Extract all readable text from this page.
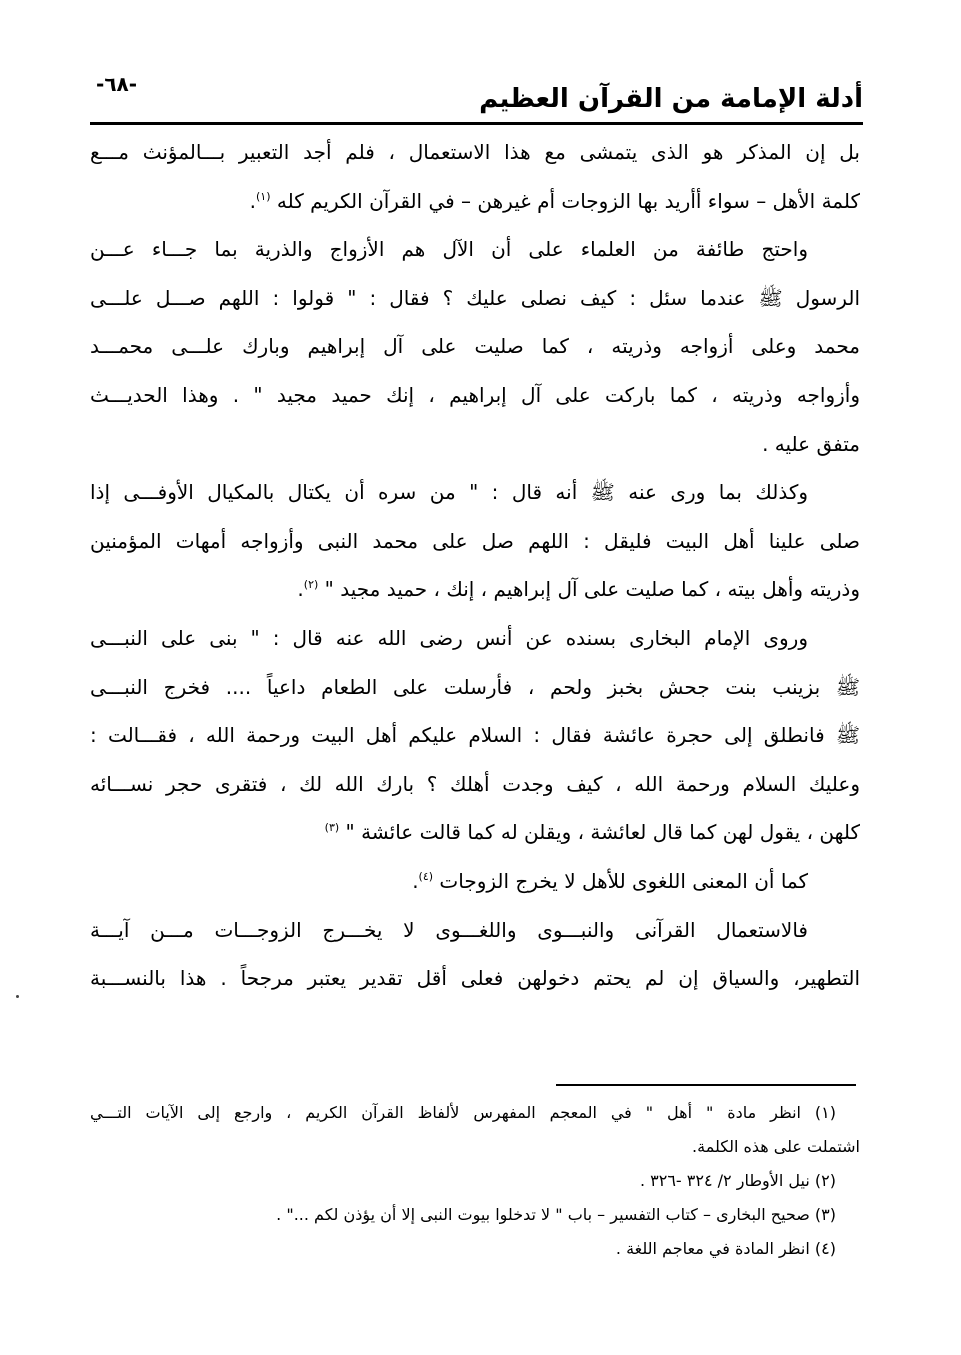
-٦٨-	أدلة الإمامة من القرآن العظيم
بل إن المذكر هو الذى يتمشى مع هذا الاستعمال ، فلم أجد التعبير بـــالمؤنث مـــع
كلمة الأهل – سواء أأريد بها الزوجات أم غيرهن – في القرآن الكريم كله $^{(١)}$.
واحتج طائفة من العلماء على أن الآل هم الأزواج والذرية بما جـــاء عـــن
الرسول ﷺ عندما سئل : كيف نصلى عليك ؟ فقال : " قولوا : اللهم صـــل علـــى
محمد وعلى أزواجه وذريته ، كما صليت على آل إبراهيم وبارك علـــى محمـــد
وأزواجه وذريته ، كما باركت على آل إبراهيم ، إنك حميد مجيد " . وهذا الحديـــث
متفق عليه .
وكذلك بما ورى عنه ﷺ أنه قال : " من سره أن يكتال بالمكيال الأوفـــى إذا
صلى علينا أهل البيت فليقل : اللهم صل على محمد النبى وأزواجه أمهات المؤمنين
وذريته وأهل بيته ، كما صليت على آل إبراهيم ، إنك ، حميد مجيد " $^{(٢)}$.
وروى الإمام البخارى بسنده عن أنس رضى الله عنه قال : " بنى على النبـــى
ﷺ بزينب بنت جحش بخبز ولحم ، فأرسلت على الطعام داعياً .... فخرج النبـــى
ﷺ فانطلق إلى حجرة عائشة فقال : السلام عليكم أهل البيت ورحمة الله ، فقـــالت :
وعليك السلام ورحمة الله ، كيف وجدت أهلك ؟ بارك الله لك ، فتقرى حجر نســـائه
كلهن ، يقول لهن كما قال لعائشة ، ويقلن له كما قالت عائشة " $^{(٣)}$
كما أن المعنى اللغوى للأهل لا يخرج الزوجات $^{(٤)}$.
فالاستعمال القرآنى والنبـــوى واللغـــوى لا يخـــرج الزوجـــات مـــن آيـــة
التطهير، والسياق إن لم يحتم دخولهن فعلى أقل تقدير يعتبر مرجحاً . هذا بالنســـبة
(١) انظر مادة " أهل " في المعجم المفهرس لألفاظ القرآن الكريم ، وارجع إلى الآيات التـــي
اشتملت على هذه الكلمة.
(٢) نيل الأوطار ٢/ ٣٢٤ -٣٢٦ .
(٣) صحيح البخارى – كتاب التفسير – باب " لا تدخلوا بيوت النبى إلا أن يؤذن لكم ..." .
(٤) انظر المادة في معاجم اللغة .
